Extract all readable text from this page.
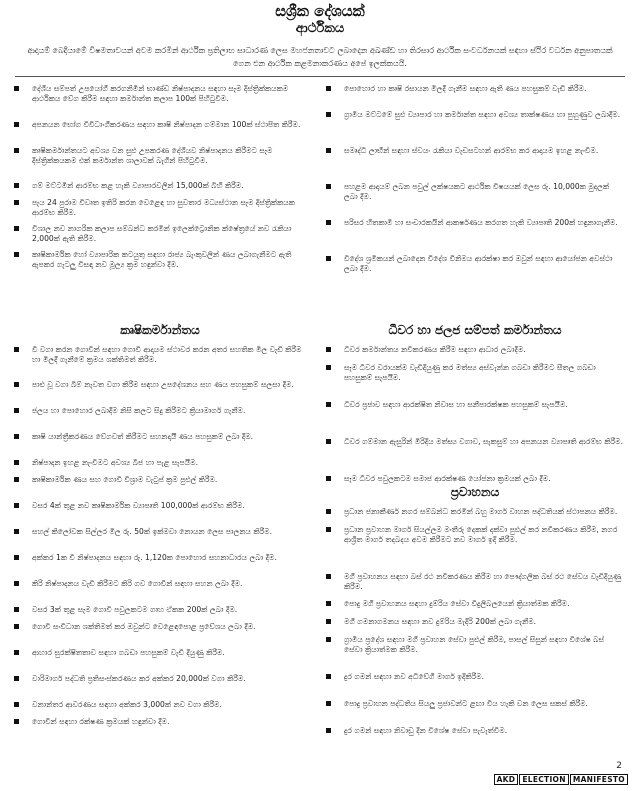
සශ්‍රීක දේශයක්
ආර්ථිකය
ආදායම් බෙදීයාමේ විෂමතාවයන් අවම කරමින් ආර්ථික ප්‍රතිලාභ සාධාරණ ලෙස මහජනතාවට ලබාදෙන අඛණ්ඩ හා තිරසාර ආර්ථික සංවර්ධනයක් සඳහා ස්ථිර වර්ධන අනුපාතයක් ගෙන එන ආර්ථික කළමනාකරණය අපේ ඉලක්කයයි.
දේශීය සම්පත් උපයෝගී කරගනිමින් භාණ්ඩ නිෂ්පාදනය සඳහා සෑම දිස්ත්‍රික්කයකම ආර්ථිකය වේග කිරීම සඳහා කර්මාන්ත කලාප 100ක් පිහිටුවීම.
අපනයන භෝග විවිධාංගීකරණය සඳහා කෘෂි නිෂ්පාදන ගම්මාන 100ක් ස්ථාපිත කිරීම.
කෘෂිකර්මාන්තයට අවශ්‍ය වන සුළු උපකරණ දේශීයව නිෂ්පාදනය කිරීමට සෑම දිස්ත්‍රික්කයකම එක් කර්මාන්ත ශාලාවක් බැගින් පිහිටුවීම.
ගම් මට්ටමින් ආරම්භ කළ හැකි ව්‍යාපාරවලින් 15,000ක් බිහි කිරීම.
පැය 24 පුරාම විවෘත ඉතිරි කරන වෙළෙඳ හා සුවතාර මධ්‍යස්ථාන සෑම දිස්ත්‍රික්කයක ආරම්භ කිරීම.
විශාල නව නාගරික කලාප සම්බන්ධ කරමින් ඉලෙක්ට්‍රොනික ක්ෂේත්‍රයේ නව රැකියා 2,000ක් ඇති කිරීම.
කෘෂිකාර්මික හෝ ව්‍යාපාරික කටයුතු සඳහා රාජ්‍ය බැංකුවලින් ණය ලබාගැනීමට ඇති ඇපකර ගැටලු විසඳා නව මූල්‍ය ක්‍රම හඳුන්වා දීම.
කෘෂිකර්මාන්තය
වී වගා කරන ගොවීන් සඳහා ගොවි ආදායම ස්ථාවර කරන අතර සහතික මිල වැඩි කිරීම හා මිලදී ගැනීමේ ක්‍රමය ශක්තිමත් කිරීම.
පාළු වූ වගා බිම් නැවත වගා කිරීම සඳහා උපදේශනය සහ ණය පහසුකම් සලසා දීම.
ජලය හා පොහොර ලබාදීම නිසි කලට සිදු කිරීමට ක්‍රියාමාර්ග ගැනීම.
කෘෂි යාන්ත්‍රීකරණය වේගවත් කිරීමට සහනදායී ණය පහසුකම් ලබා දීම.
නිෂ්පාදන ඉහළ නැංවීමට අවශ්‍ය බීජ හා පැළ සැපයීම.
කෘෂිකාර්මික ණය සහ ගොවි විශ්‍රාම වැටුප් ක්‍රම පුළුල් කිරීම.
වසර 4ක් තුළ නව කෘෂිකාර්මික ව්‍යාපෘති 100,000ක් ආරම්භ කිරීම.
සහල් කිලෝවක සිල්ලර මිල රු. 50ක් ඉක්මවා නොයන ලෙස පාලනය කිරීම.
අක්කර 1ක වී නිෂ්පාදනය සඳහා රු. 1,120ක පොහොර සහනාධාරය ලබා දීම.
කිරි නිෂ්පාදනය වැඩි කිරීමට කිරි ගව ගොවීන් සඳහා සහන ලබා දීම.
වසර 3ක් තුළ සෑම ගොවි පවුලකටම ගෘහ ඒකක 200ක් ලබා දීම.
ගොවි සංවිධාන ශක්තිමත් කර ඔවුන්ට වෙළෙඳපොළ ප්‍රවේශය ලබා දීම.
ආහාර සුරක්ෂිතතාව සඳහා ගබඩා පහසුකම් වැඩි දියුණු කිරීම.
වාරිමාර්ග පද්ධති ප්‍රතිසංස්කරණය කර අක්කර 20,000ක් වගා කිරීම.
වනාන්තර ආවරණය සඳහා අක්කර 3,000ක් නව වගා කිරීම.
ගොවීන් සඳහා රක්ෂණ ක්‍රමයක් හඳුන්වා දීම.
පොහොර හා කෘෂි රසායන මිලදී ගැනීම සඳහා ඇති ණය පහසුකම් වැඩි කිරීම.
ග්‍රාමීය මට්ටමේ සුළු ව්‍යාපාර හා කර්මාන්ත සඳහා අවශ්‍ය තාක්ෂණය හා පුහුණුව ලබාදීම.
සමෘද්ධි ලාභීන් සඳහා ස්වයං රැකියා වැඩසටහන් ආරම්භ කර ආදායම ඉහළ නැංවීම.
පහළම ආදායම් ලබන පවුල් ලක්ෂයකට ආර්ථික විෂයයක් ලෙස රු. 10,000ක මුදලක් ලබා දීම.
පරිසර හිතකාමී හා සංචාරකයින් ආකර්ෂණය කරගත හැකි ව්‍යාපෘති 200ක් හඳුනාගැනීම.
විදේශ ශ්‍රමිකයන් ලබාදෙන විදේශ විනිමය ආරක්ෂා කර ඔවුන් සඳහා ආයෝජන අවස්ථා ලබා දීම.
ධීවර හා ජලජ සම්පත් කර්මාන්තය
ධීවර කර්මාන්තය නවීකරණය කිරීම සඳහා ආධාර ලබාදීම.
සෑම ධීවර වරායක්ම වැඩිදියුණු කර මත්ස්‍ය අස්වැන්න ගබඩා කිරීමට සීතල ගබඩා පහසුකම් සැපයීම.
ධීවර ප්‍රජාව සඳහා ආරක්ෂිත නිවාස හා සනීපාරක්ෂක පහසුකම් සැපයීම.
ධීවර ගම්මාන ඇසුරින් මිරිදිය මත්ස්‍ය වගාව, සැකසුම් හා අපනයන ව්‍යාපෘති ආරම්භ කිරීම.
සෑම ධීවර පවුලකටම සමාජ ආරක්ෂණ යෝජනා ක්‍රමයක් ලබා දීම.
ප්‍රවාහනය
ප්‍රධාන ජනාකීර්ණ නගර සම්බන්ධ කරමින් බහු මාර්ග වාහන පද්ධතියක් ස්ථාපනය කිරීම.
ප්‍රධාන ප්‍රවාහන මාර්ග සියල්ලම මංතීරු දෙකක් දක්වා පුළුල් කර නවීකරණය කිරීම, නගර ආශ්‍රිත මාර්ග තදබදය අවම කිරීමට නව මාර්ග ඉදි කිරීම.
මගී ප්‍රවාහනය සඳහා බස් රථ නවීකරණය කිරීම හා පෞද්ගලික බස් රථ සේවය වැඩිදියුණු කිරීම.
පොදු මගී ප්‍රවාහනය සඳහා දුම්රිය සේවා විදුලිබලයෙන් ක්‍රියාත්මක කිරීම.
මගී ගමනාගමනය සඳහා නව දුම්රිය මැදිරි 200ක් ලබා ගැනීම.
ග්‍රාමීය ප්‍රදේශ සඳහා මගී ප්‍රවාහන සේවා පුළුල් කිරීම, පාසල් සිසුන් සඳහා විශේෂ බස් සේවා ක්‍රියාත්මක කිරීම.
දුර ගමන් සඳහා නව අධිවේගී මාර්ග ඉදිකිරීම.
පොදු ප්‍රවාහන පද්ධතිය සියලු ප්‍රජාවන්ට ළඟා විය හැකි වන ලෙස සකස් කිරීම.
දුර ගමන් සඳහා නිවාඩු දින විශේෂ සේවා පැවැත්වීම.
2
AKD ELECTION MANIFESTO
